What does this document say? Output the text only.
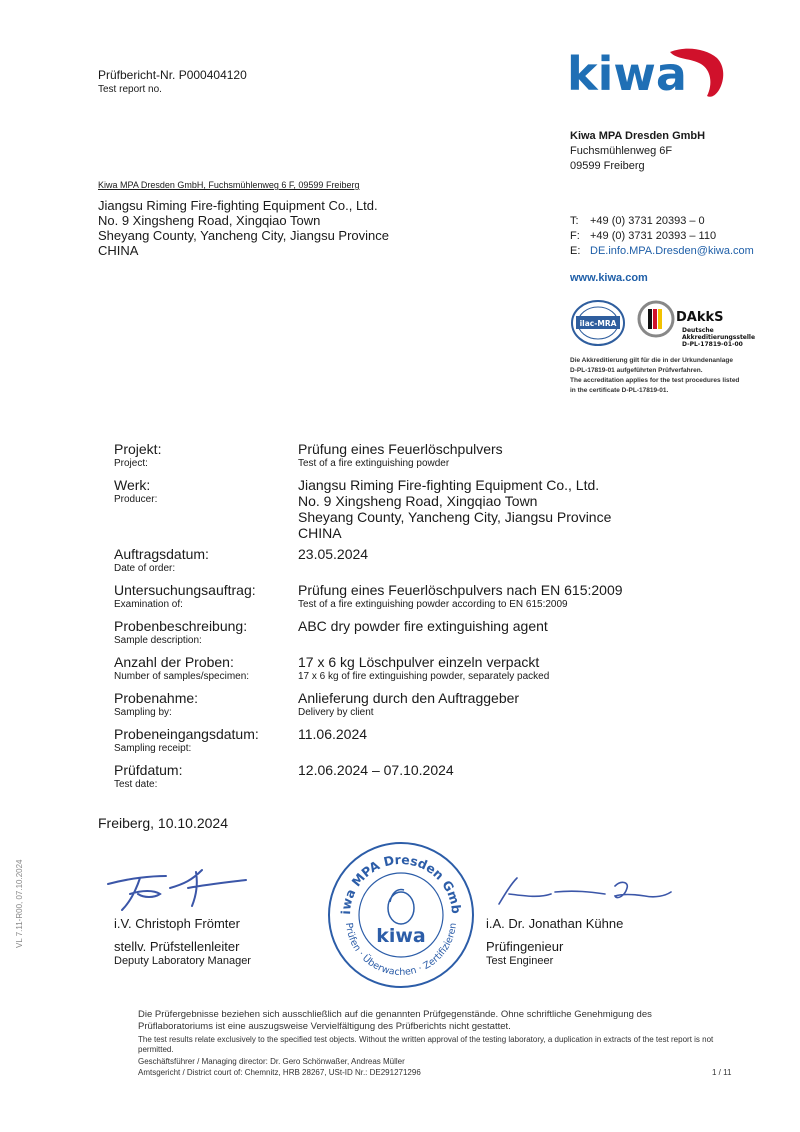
Prüfbericht-Nr. P000404120
Test report no.	kiwa
Kiwa MPA Dresden GmbH
Fuchsmühlenweg 6F
09599 Freiberg
T: +49 (0) 3731 20393 – 0
F: +49 (0) 3731 20393 – 110
E: DE.info.MPA.Dresden@kiwa.com
www.kiwa.com
ilac-MRA	DAkkS
Deutsche
Akkreditierungsstelle
D-PL-17819-01-00
Die Akkreditierung gilt für die in der Urkundenanlage
D-PL-17819-01 aufgeführten Prüfverfahren.
The accreditation applies for the test procedures listed
in the certificate D-PL-17819-01.
Kiwa MPA Dresden GmbH, Fuchsmühlenweg 6 F, 09599 Freiberg
Jiangsu Riming Fire-fighting Equipment Co., Ltd.
No. 9 Xingsheng Road, Xingqiao Town
Sheyang County, Yancheng City, Jiangsu Province
CHINA
Projekt:
Project:
Prüfung eines Feuerlöschpulvers
Test of a fire extinguishing powder
Werk:
Producer:
Jiangsu Riming Fire-fighting Equipment Co., Ltd.
No. 9 Xingsheng Road, Xingqiao Town
Sheyang County, Yancheng City, Jiangsu Province
CHINA
Auftragsdatum:
Date of order:
23.05.2024
Untersuchungsauftrag:
Examination of:
Prüfung eines Feuerlöschpulvers nach EN 615:2009
Test of a fire extinguishing powder according to EN 615:2009
Probenbeschreibung:
Sample description:
ABC dry powder fire extinguishing agent
Anzahl der Proben:
Number of samples/specimen:
17 x 6 kg Löschpulver einzeln verpackt
17 x 6 kg of fire extinguishing powder, separately packed
Probenahme:
Sampling by:
Anlieferung durch den Auftraggeber
Delivery by client
Probeneingangsdatum:
Sampling receipt:
11.06.2024
Prüfdatum:
Test date:
12.06.2024 – 07.10.2024
Freiberg, 10.10.2024
i.V. Christoph Frömter
stellv. Prüfstellenleiter
Deputy Laboratory Manager
iwa MPA Dresden Gmb
Prüfen · Überwachen · Zertifizieren
kiwa
i.A. Dr. Jonathan Kühne
Prüfingenieur
Test Engineer
VL 7.11-R00, 07.10.2024
Die Prüfergebnisse beziehen sich ausschließlich auf die genannten Prüfgegenstände. Ohne schriftliche Genehmigung des Prüflaboratoriums ist eine auszugsweise Vervielfältigung des Prüfberichts nicht gestattet.
The test results relate exclusively to the specified test objects. Without the written approval of the testing laboratory, a duplication in extracts of the test report is not permitted.
Geschäftsführer / Managing director: Dr. Gero Schönwaßer, Andreas Müller
Amtsgericht / District court of: Chemnitz, HRB 28267, USt-ID Nr.: DE291271296	1 / 11
